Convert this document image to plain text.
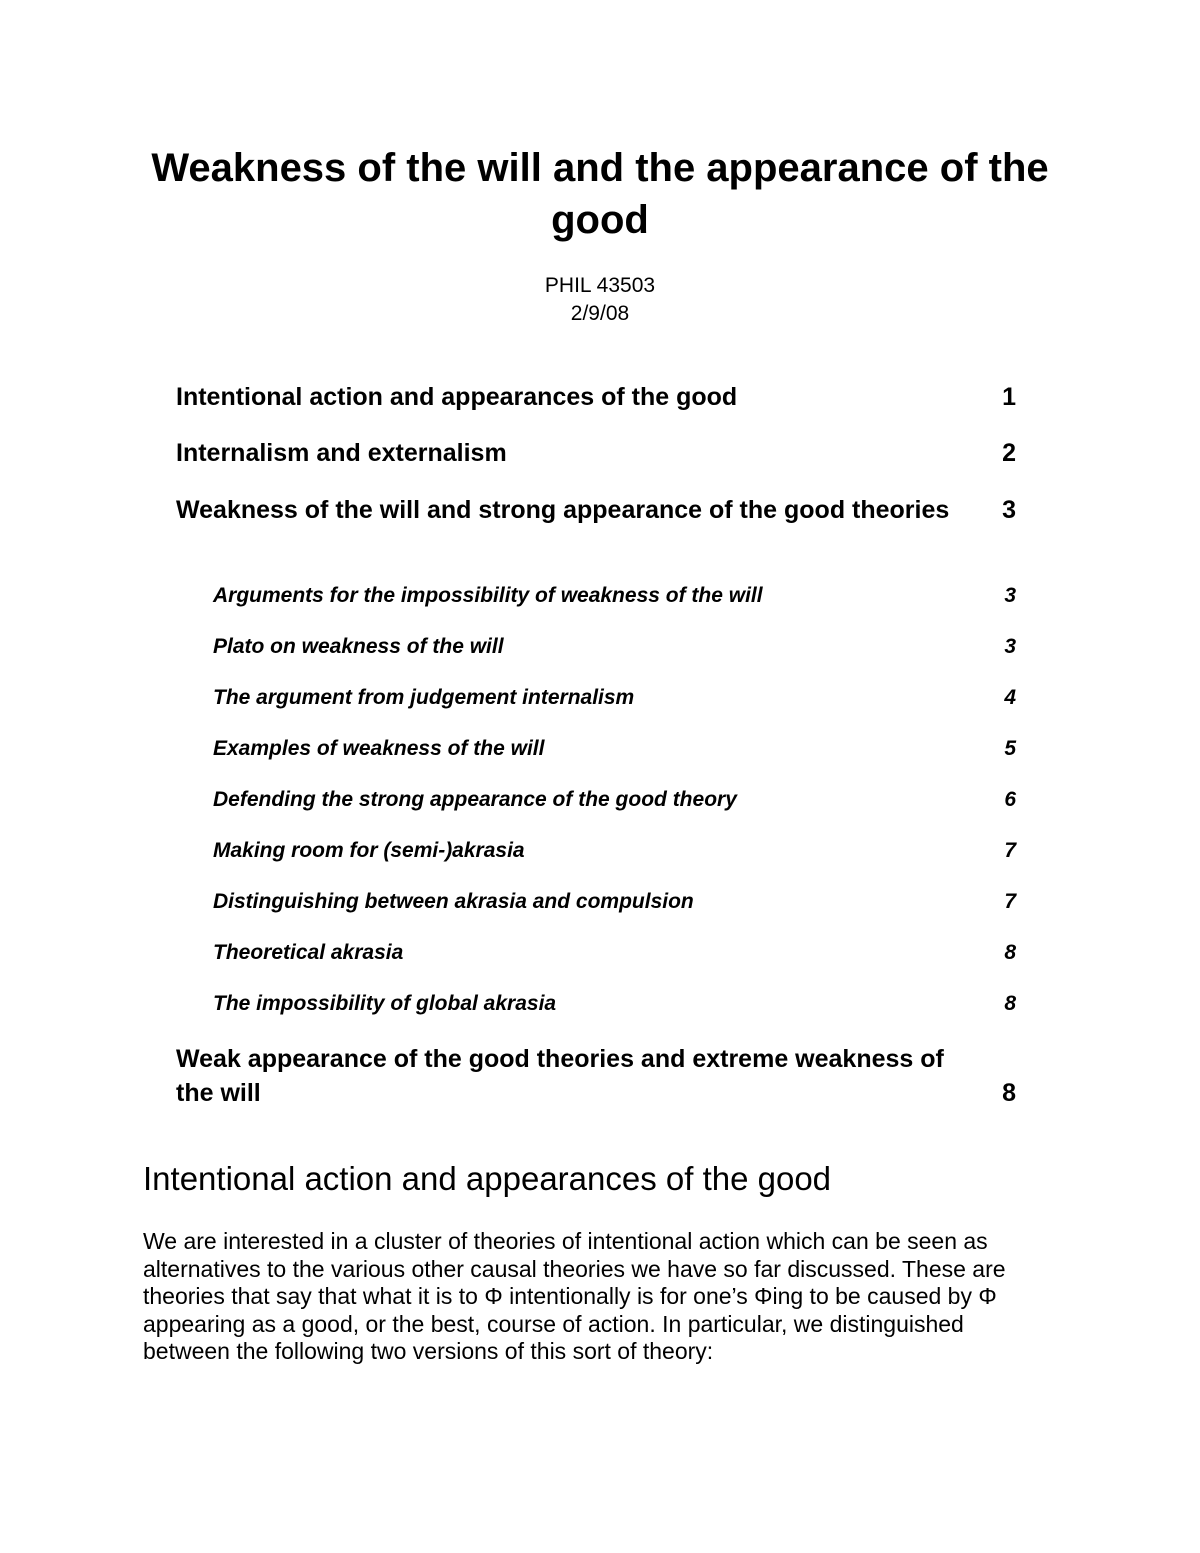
Weakness of the will and the appearance of the good
PHIL 43503
2/9/08
Intentional action and appearances of the good	1
Internalism and externalism	2
Weakness of the will and strong appearance of the good theories	3
Arguments for the impossibility of weakness of the will	3
Plato on weakness of the will	3
The argument from judgement internalism	4
Examples of weakness of the will	5
Defending the strong appearance of the good theory	6
Making room for (semi-)akrasia	7
Distinguishing between akrasia and compulsion	7
Theoretical akrasia	8
The impossibility of global akrasia	8
Weak appearance of the good theories and extreme weakness of the will	8
Intentional action and appearances of the good

We are interested in a cluster of theories of intentional action which can be seen as alternatives to the various other causal theories we have so far discussed. These are theories that say that what it is to Φ intentionally is for one’s Φing to be caused by Φ appearing as a good, or the best, course of action. In particular, we distinguished between the following two versions of this sort of theory:
